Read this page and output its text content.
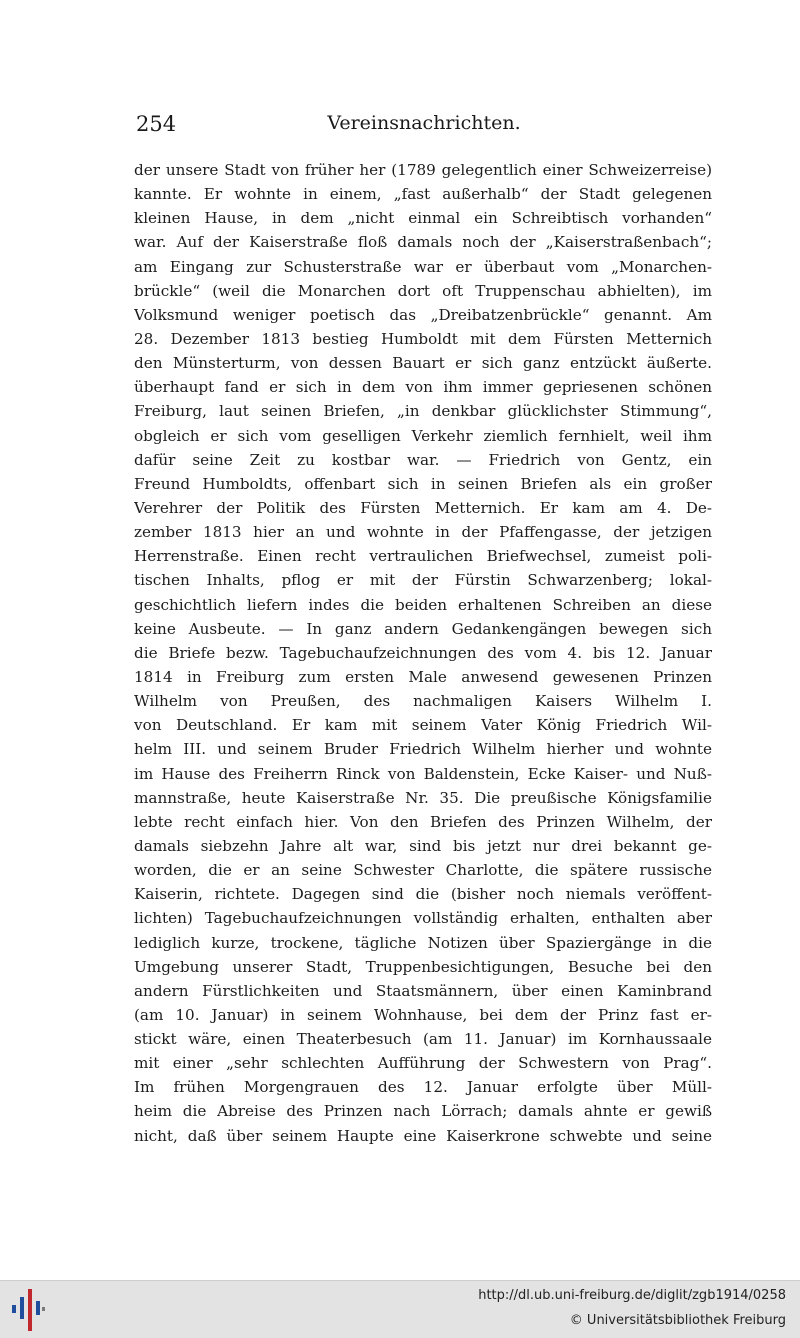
254	Vereinsnachrichten.
der unsere Stadt von früher her (1789 gelegentlich einer Schweizerreise)
kannte. Er wohnte in einem, „fast außerhalb“ der Stadt gelegenen
kleinen Hause, in dem „nicht einmal ein Schreibtisch vorhanden“
war. Auf der Kaiserstraße floß damals noch der „Kaiserstraßenbach“;
am Eingang zur Schusterstraße war er überbaut vom „Monarchen-
brückle“ (weil die Monarchen dort oft Truppenschau abhielten), im
Volksmund weniger poetisch das „Dreibatzenbrückle“ genannt. Am
28. Dezember 1813 bestieg Humboldt mit dem Fürsten Metternich
den Münsterturm, von dessen Bauart er sich ganz entzückt äußerte.
überhaupt fand er sich in dem von ihm immer gepriesenen schönen
Freiburg, laut seinen Briefen, „in denkbar glücklichster Stimmung“,
obgleich er sich vom geselligen Verkehr ziemlich fernhielt, weil ihm
dafür seine Zeit zu kostbar war. — Friedrich von Gentz, ein
Freund Humboldts, offenbart sich in seinen Briefen als ein großer
Verehrer der Politik des Fürsten Metternich. Er kam am 4. De-
zember 1813 hier an und wohnte in der Pfaffengasse, der jetzigen
Herrenstraße. Einen recht vertraulichen Briefwechsel, zumeist poli-
tischen Inhalts, pflog er mit der Fürstin Schwarzenberg; lokal-
geschichtlich liefern indes die beiden erhaltenen Schreiben an diese
keine Ausbeute. — In ganz andern Gedankengängen bewegen sich
die Briefe bezw. Tagebuchaufzeichnungen des vom 4. bis 12. Januar
1814 in Freiburg zum ersten Male anwesend gewesenen Prinzen
Wilhelm von Preußen, des nachmaligen Kaisers Wilhelm I.
von Deutschland. Er kam mit seinem Vater König Friedrich Wil-
helm III. und seinem Bruder Friedrich Wilhelm hierher und wohnte
im Hause des Freiherrn Rinck von Baldenstein, Ecke Kaiser- und Nuß-
mannstraße, heute Kaiserstraße Nr. 35. Die preußische Königsfamilie
lebte recht einfach hier. Von den Briefen des Prinzen Wilhelm, der
damals siebzehn Jahre alt war, sind bis jetzt nur drei bekannt ge-
worden, die er an seine Schwester Charlotte, die spätere russische
Kaiserin, richtete. Dagegen sind die (bisher noch niemals veröffent-
lichten) Tagebuchaufzeichnungen vollständig erhalten, enthalten aber
lediglich kurze, trockene, tägliche Notizen über Spaziergänge in die
Umgebung unserer Stadt, Truppenbesichtigungen, Besuche bei den
andern Fürstlichkeiten und Staatsmännern, über einen Kaminbrand
(am 10. Januar) in seinem Wohnhause, bei dem der Prinz fast er-
stickt wäre, einen Theaterbesuch (am 11. Januar) im Kornhaussaale
mit einer „sehr schlechten Aufführung der Schwestern von Prag“.
Im frühen Morgengrauen des 12. Januar erfolgte über Müll-
heim die Abreise des Prinzen nach Lörrach; damals ahnte er gewiß
nicht, daß über seinem Haupte eine Kaiserkrone schwebte und seine
http://dl.ub.uni-freiburg.de/diglit/zgb1914/0258
© Universitätsbibliothek Freiburg
